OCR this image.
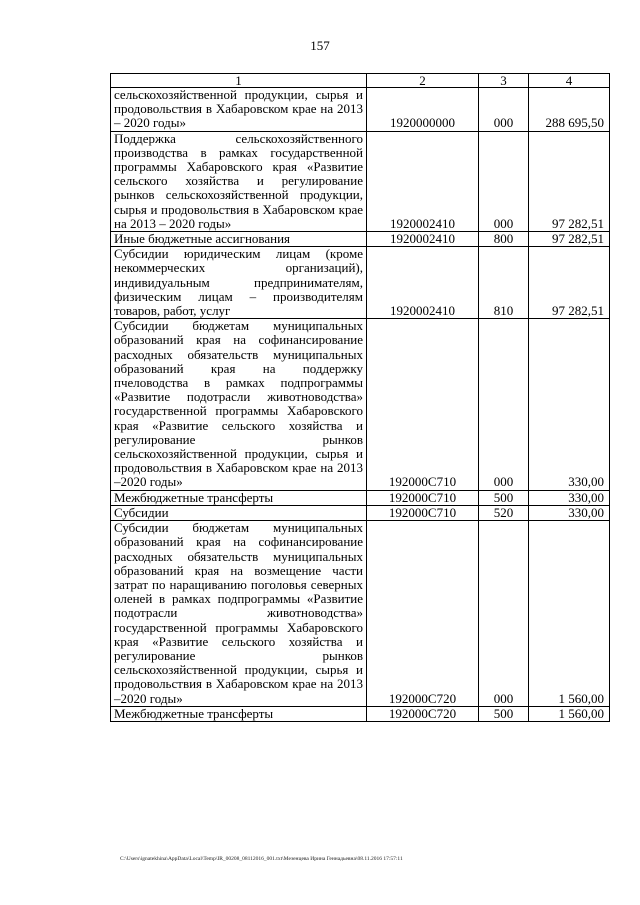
157
1	2	3	4
сельскохозяйственной продукции, сырья и продовольствия в Хабаровском крае на 2013 – 2020 годы»	1920000000	000	288 695,50
Поддержка сельскохозяйственного производства в рамках государственной программы Хабаровского края «Развитие сельского хозяйства и регулирование рынков сельскохозяйственной продукции, сырья и продовольствия в Хабаровском крае на 2013 – 2020 годы»	1920002410	000	97 282,51
Иные бюджетные ассигнования	1920002410	800	97 282,51
Субсидии юридическим лицам (кроме некоммерческих организаций), индивидуальным предпринимателям, физическим лицам – производителям товаров, работ, услуг	1920002410	810	97 282,51
Субсидии бюджетам муниципальных образований края на софинансирование расходных обязательств муниципальных образований края на поддержку пчеловодства в рамках подпрограммы «Развитие подотрасли животноводства» государственной программы Хабаровского края «Развитие сельского хозяйства и регулирование рынков сельскохозяйственной продукции, сырья и продовольствия в Хабаровском крае на 2013 –2020 годы»	192000С710	000	330,00
Межбюджетные трансферты	192000С710	500	330,00
Субсидии	192000С710	520	330,00
Субсидии бюджетам муниципальных образований края на софинансирование расходных обязательств муниципальных образований края на возмещение части затрат по наращиванию поголовья северных оленей в рамках подпрограммы «Развитие подотрасли животноводства» государственной программы Хабаровского края «Развитие сельского хозяйства и регулирование рынков сельскохозяйственной продукции, сырья и продовольствия в Хабаровском крае на 2013 –2020 годы»	192000С720	000	1 560,00
Межбюджетные трансферты	192000С720	500	1 560,00
C:\Users\ignatekhina\AppData\Local\Temp\IR_00208_08112016_001.txt\Мезенцева Ирина Геннадьевна\08.11.2016 17:57:11
